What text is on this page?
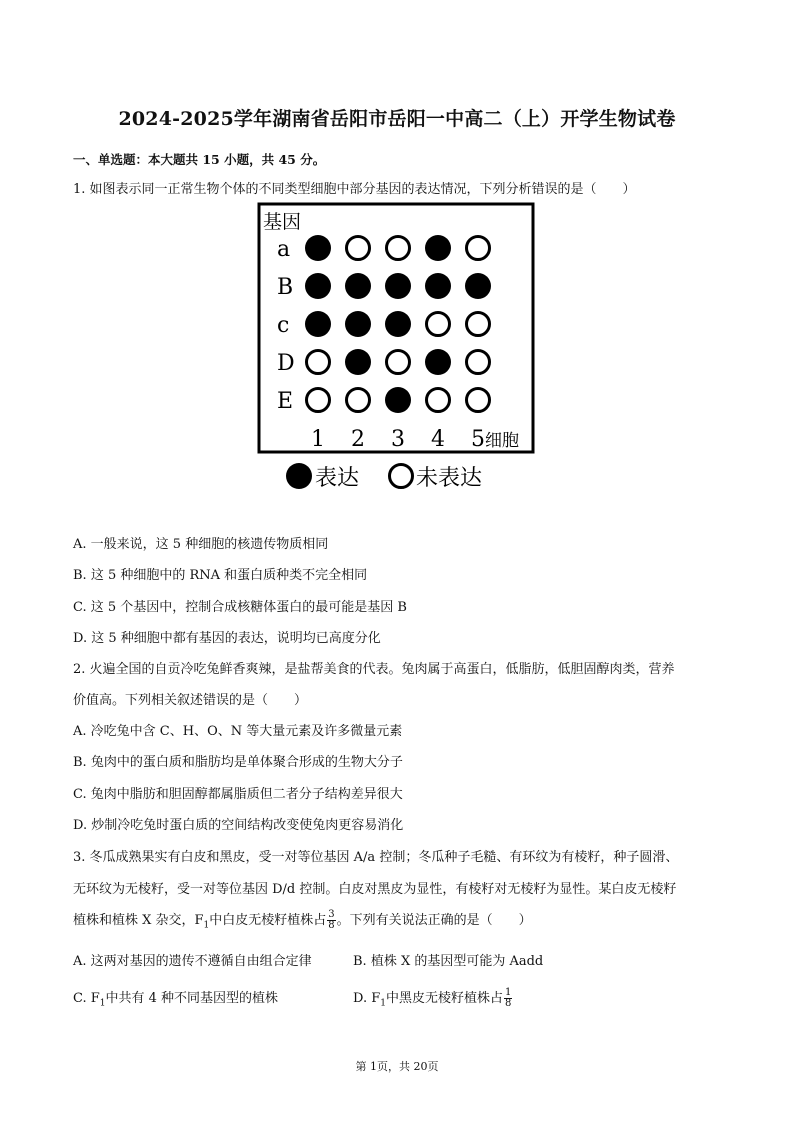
2024-2025学年湖南省岳阳市岳阳一中高二（上）开学生物试卷
一、单选题：本大题共 15 小题，共 45 分。
1. 如图表示同一正常生物个体的不同类型细胞中部分基因的表达情况，下列分析错误的是（　　）
基因
a
B
c
D
E
1 2 3 4 5 细胞
表达	未表达
A. 一般来说，这 5 种细胞的核遗传物质相同
B. 这 5 种细胞中的 RNA 和蛋白质种类不完全相同
C. 这 5 个基因中，控制合成核糖体蛋白的最可能是基因 B
D. 这 5 种细胞中都有基因的表达，说明均已高度分化
2. 火遍全国的自贡冷吃兔鲜香爽辣，是盐帮美食的代表。兔肉属于高蛋白，低脂肪，低胆固醇肉类，营养
价值高。下列相关叙述错误的是（　　）
A. 冷吃兔中含 C、H、O、N 等大量元素及许多微量元素
B. 兔肉中的蛋白质和脂肪均是单体聚合形成的生物大分子
C. 兔肉中脂肪和胆固醇都属脂质但二者分子结构差异很大
D. 炒制冷吃兔时蛋白质的空间结构改变使兔肉更容易消化
3. 冬瓜成熟果实有白皮和黑皮，受一对等位基因 A/a 控制；冬瓜种子毛糙、有环纹为有棱籽，种子圆滑、
无环纹为无棱籽，受一对等位基因 D/d 控制。白皮对黑皮为显性，有棱籽对无棱籽为显性。某白皮无棱籽
植株和植株 X 杂交，$F_1$中白皮无棱籽植株占 $\frac{3}{8}$ 。下列有关说法正确的是（　　）
A. 这两对基因的遗传不遵循自由组合定律	B. 植株 X 的基因型可能为 Aadd
C. $F_1$中共有 4 种不同基因型的植株	D. $F_1$中黑皮无棱籽植株占 $\frac{1}{8}$
第 1页，共 20页
